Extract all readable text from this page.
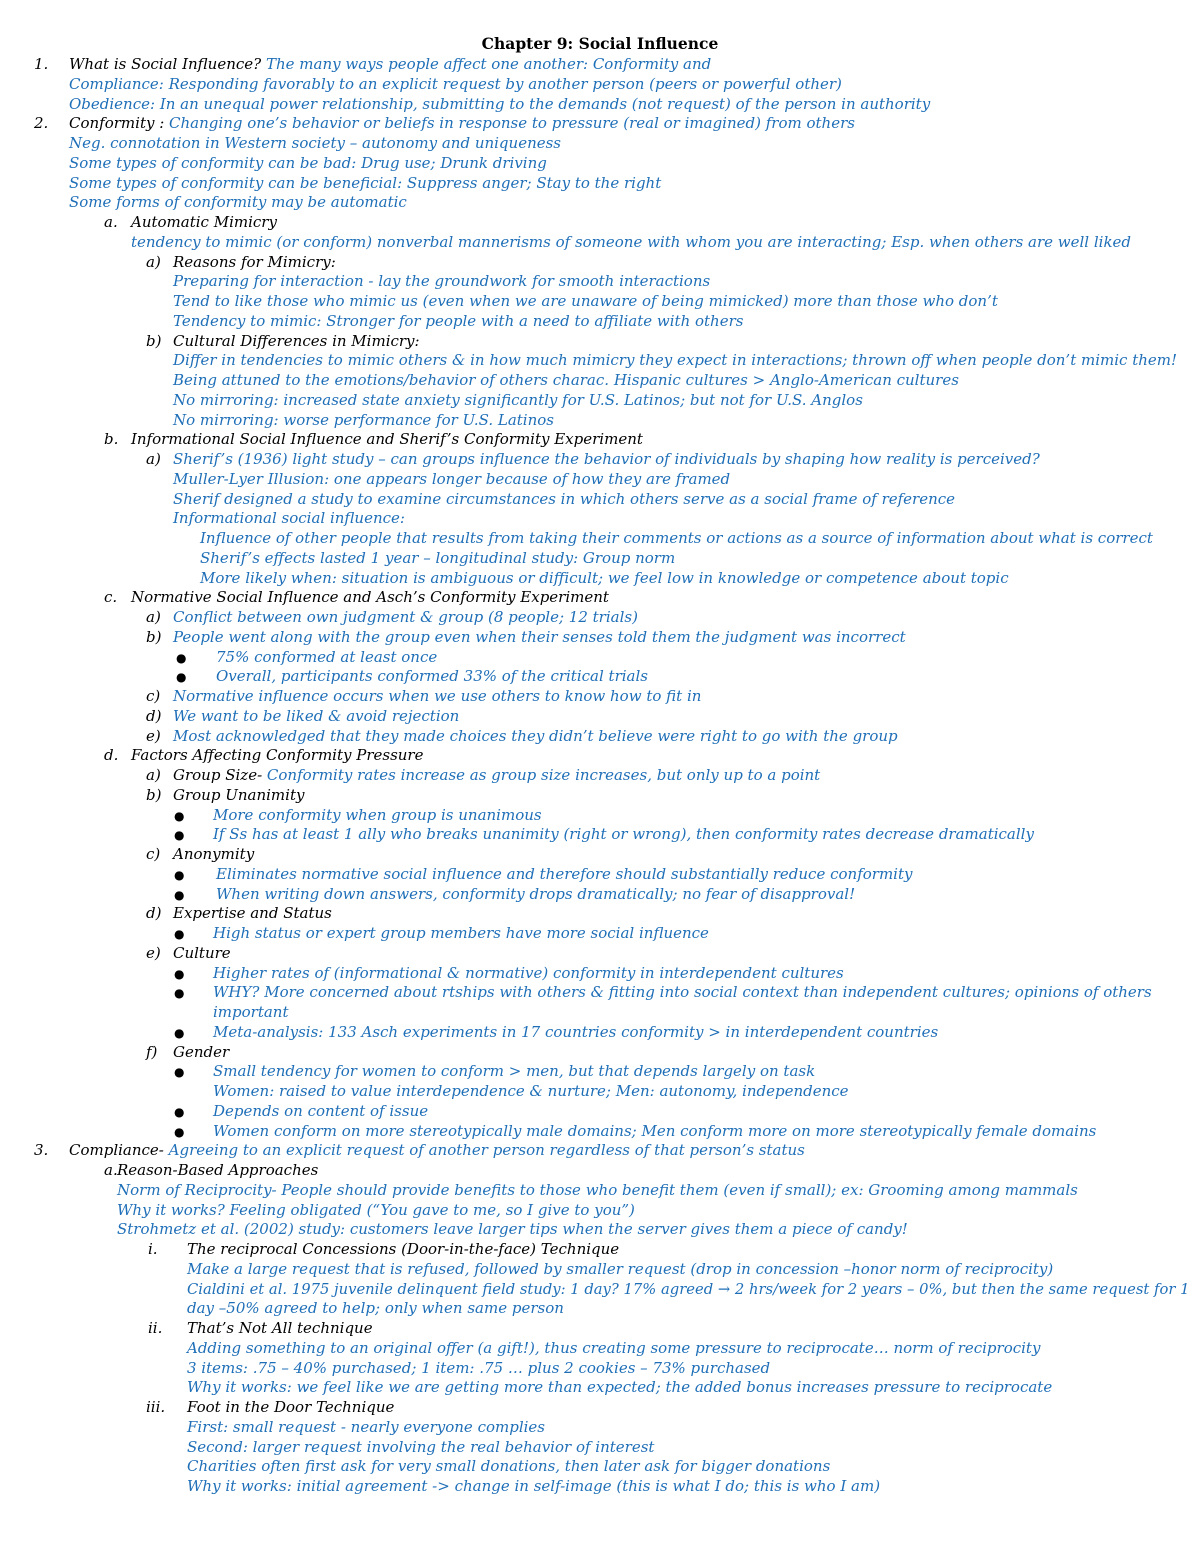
Chapter 9: Social Influence
1. What is Social Influence? The many ways people affect one another: Conformity and
Compliance: Responding favorably to an explicit request by another person (peers or powerful other)
Obedience: In an unequal power relationship, submitting to the demands (not request) of the person in authority
2. Conformity : Changing one’s behavior or beliefs in response to pressure (real or imagined) from others
Neg. connotation in Western society – autonomy and uniqueness
Some types of conformity can be bad: Drug use; Drunk driving
Some types of conformity can be beneficial: Suppress anger; Stay to the right
Some forms of conformity may be automatic
a. Automatic Mimicry
tendency to mimic (or conform) nonverbal mannerisms of someone with whom you are interacting; Esp. when others are well liked
a) Reasons for Mimicry:
Preparing for interaction - lay the groundwork for smooth interactions
Tend to like those who mimic us (even when we are unaware of being mimicked) more than those who don’t
Tendency to mimic: Stronger for people with a need to affiliate with others
b) Cultural Differences in Mimicry:
Differ in tendencies to mimic others & in how much mimicry they expect in interactions; thrown off when people don’t mimic them!
Being attuned to the emotions/behavior of others charac. Hispanic cultures > Anglo-American cultures
No mirroring: increased state anxiety significantly for U.S. Latinos; but not for U.S. Anglos
No mirroring: worse performance for U.S. Latinos
b. Informational Social Influence and Sherif’s Conformity Experiment
a) Sherif’s (1936) light study – can groups influence the behavior of individuals by shaping how reality is perceived?
Muller-Lyer Illusion: one appears longer because of how they are framed
Sherif designed a study to examine circumstances in which others serve as a social frame of reference
Informational social influence:
Influence of other people that results from taking their comments or actions as a source of information about what is correct
Sherif’s effects lasted 1 year – longitudinal study: Group norm
More likely when: situation is ambiguous or difficult; we feel low in knowledge or competence about topic
c. Normative Social Influence and Asch’s Conformity Experiment
a) Conflict between own judgment & group (8 people; 12 trials)
b) People went along with the group even when their senses told them the judgment was incorrect
● 75% conformed at least once
● Overall, participants conformed 33% of the critical trials
c) Normative influence occurs when we use others to know how to fit in
d) We want to be liked & avoid rejection
e) Most acknowledged that they made choices they didn’t believe were right to go with the group
d. Factors Affecting Conformity Pressure
a) Group Size- Conformity rates increase as group size increases, but only up to a point
b) Group Unanimity
● More conformity when group is unanimous
● If Ss has at least 1 ally who breaks unanimity (right or wrong), then conformity rates decrease dramatically
c) Anonymity
● Eliminates normative social influence and therefore should substantially reduce conformity
● When writing down answers, conformity drops dramatically; no fear of disapproval!
d) Expertise and Status
● High status or expert group members have more social influence
e) Culture
● Higher rates of (informational & normative) conformity in interdependent cultures
● WHY? More concerned about rtships with others & fitting into social context than independent cultures; opinions of others
important
● Meta-analysis: 133 Asch experiments in 17 countries conformity > in interdependent countries
f) Gender
● Small tendency for women to conform > men, but that depends largely on task
Women: raised to value interdependence & nurture; Men: autonomy, independence
● Depends on content of issue
● Women conform on more stereotypically male domains; Men conform more on more stereotypically female domains
3. Compliance- Agreeing to an explicit request of another person regardless of that person’s status
a. Reason-Based Approaches
Norm of Reciprocity- People should provide benefits to those who benefit them (even if small); ex: Grooming among mammals
Why it works? Feeling obligated (“You gave to me, so I give to you”)
Strohmetz et al. (2002) study: customers leave larger tips when the server gives them a piece of candy!
i. The reciprocal Concessions (Door-in-the-face) Technique
Make a large request that is refused, followed by smaller request (drop in concession –honor norm of reciprocity)
Cialdini et al. 1975 juvenile delinquent field study: 1 day? 17% agreed → 2 hrs/week for 2 years – 0%, but then the same request for 1
day –50% agreed to help; only when same person
ii. That’s Not All technique
Adding something to an original offer (a gift!), thus creating some pressure to reciprocate… norm of reciprocity
3 items: .75 – 40% purchased; 1 item: .75 … plus 2 cookies – 73% purchased
Why it works: we feel like we are getting more than expected; the added bonus increases pressure to reciprocate
iii. Foot in the Door Technique
First: small request - nearly everyone complies
Second: larger request involving the real behavior of interest
Charities often first ask for very small donations, then later ask for bigger donations
Why it works: initial agreement -> change in self-image (this is what I do; this is who I am)
